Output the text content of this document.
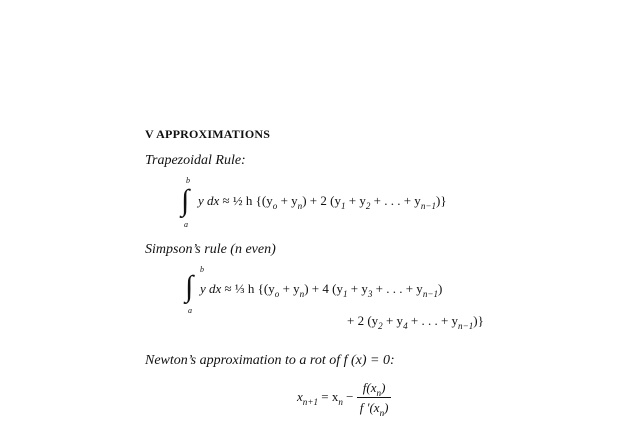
V APPROXIMATIONS
Trapezoidal Rule:
b
∫
a
y dx ≈ ½ h {$(y_o + y_n) + 2$ ($y_1 + y_2$ + . . . + $y_{n-1}$)}
Simpson’s rule (n even)
b
∫
a
y dx ≈ ⅓ h {$(y_o + y_n) + 4$ ($y_1 + y_3$ + . . . + $y_{n-1}$)
+ 2 ($y_2 + y_4$ + . . . + $y_{n-1}$)}
Newton’s approximation to a rot of f (x) = 0:
$x_{n+1} = x_n - \frac{f(x_n)}{f '(x_n)}$
